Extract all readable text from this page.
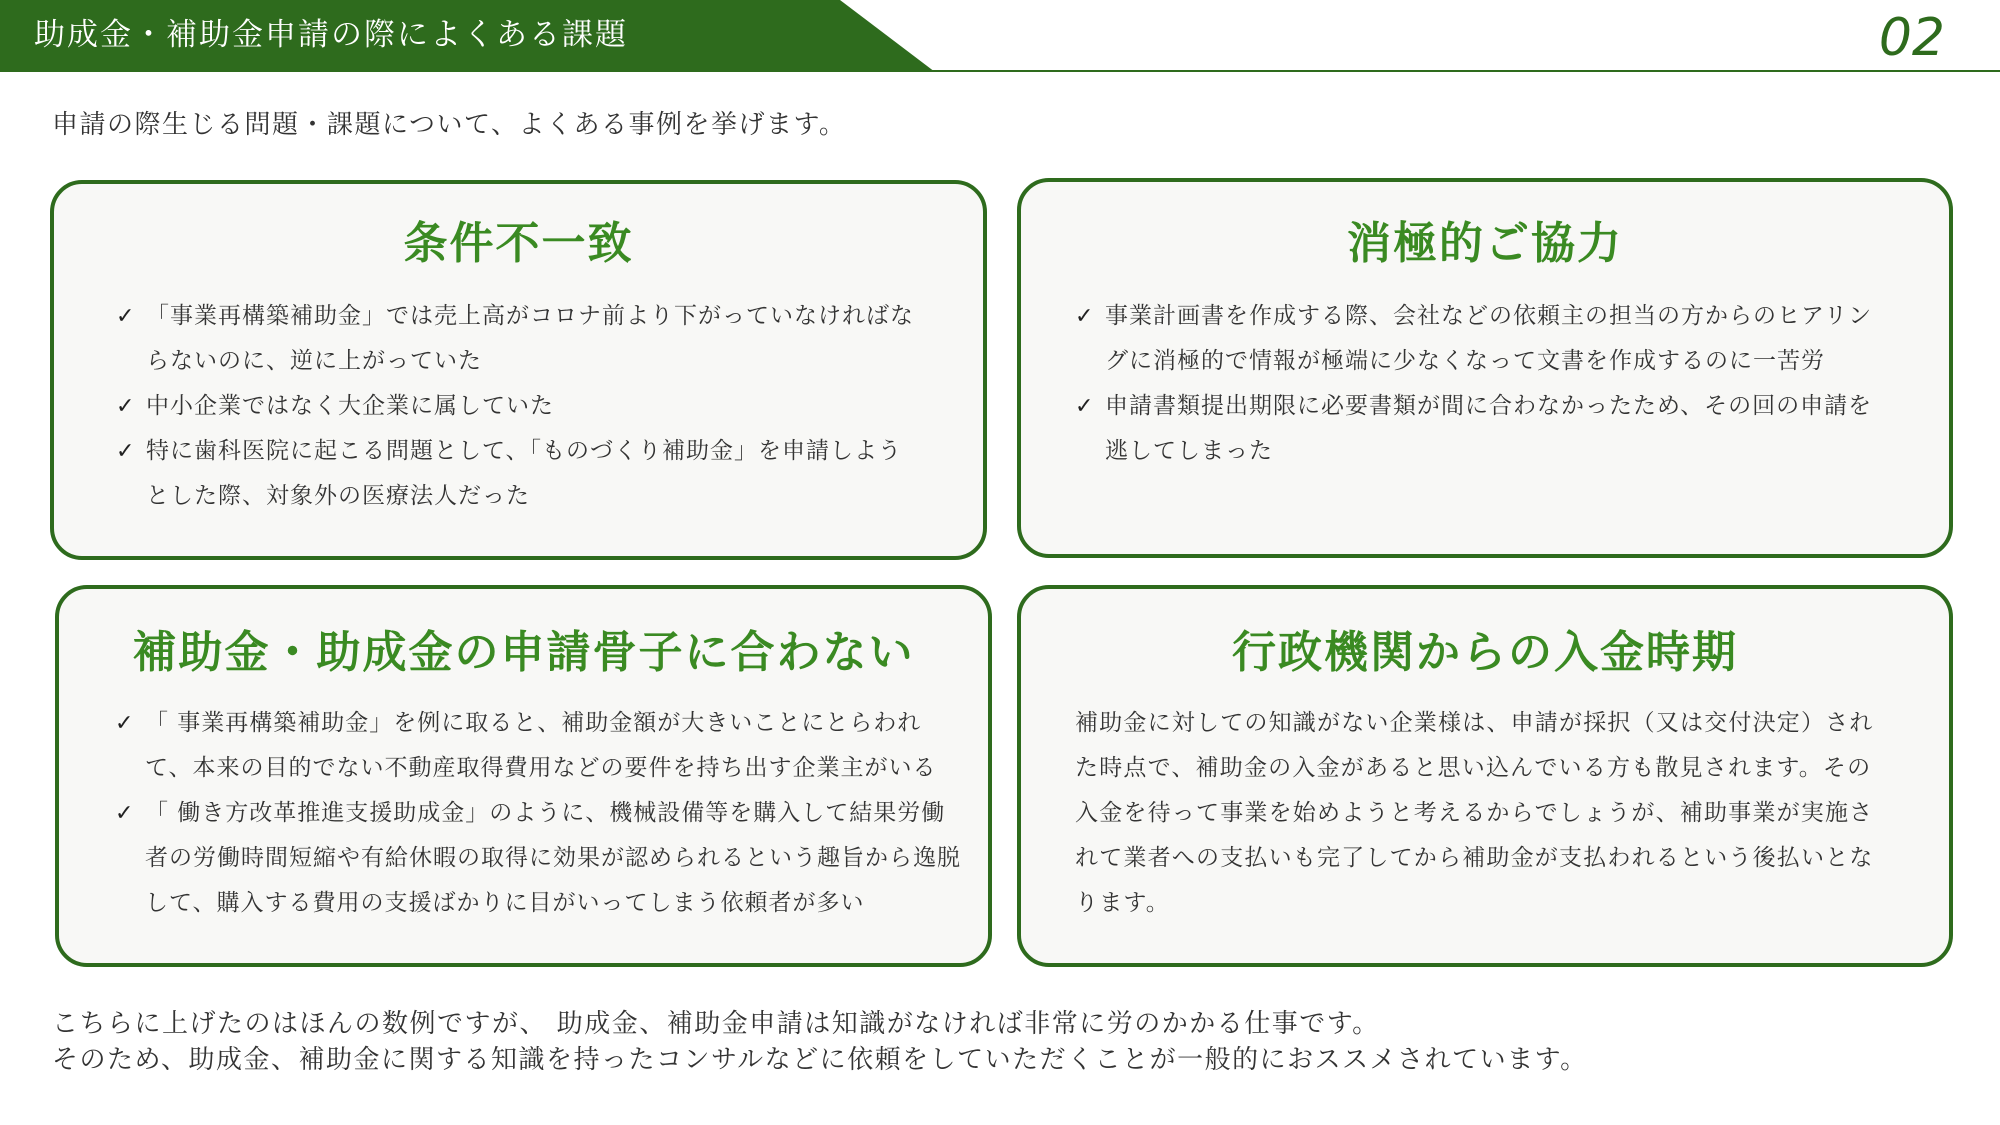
助成金・補助金申請の際によくある課題	02
申請の際生じる問題・課題について、よくある事例を挙げます。
条件不一致
✓ 「事業再構築補助金」では売上高がコロナ前より下がっていなければならないのに、逆に上がっていた
✓ 中小企業ではなく大企業に属していた
✓ 特に歯科医院に起こる問題として、「ものづくり補助金」を申請しようとした際、対象外の医療法人だった
消極的ご協力
✓ 事業計画書を作成する際、会社などの依頼主の担当の方からのヒアリングに消極的で情報が極端に少なくなって文書を作成するのに一苦労
✓ 申請書類提出期限に必要書類が間に合わなかったため、その回の申請を逃してしまった
補助金・助成金の申請骨子に合わない
✓ 「 事業再構築補助金」を例に取ると、補助金額が大きいことにとらわれて、本来の目的でない不動産取得費用などの要件を持ち出す企業主がいる
✓ 「 働き方改革推進支援助成金」のように、機械設備等を購入して結果労働者の労働時間短縮や有給休暇の取得に効果が認められるという趣旨から逸脱して、購入する費用の支援ばかりに目がいってしまう依頼者が多い
行政機関からの入金時期
補助金に対しての知識がない企業様は、申請が採択（又は交付決定）された時点で、補助金の入金があると思い込んでいる方も散見されます。その入金を待って事業を始めようと考えるからでしょうが、補助事業が実施されて業者への支払いも完了してから補助金が支払われるという後払いとなります。
こちらに上げたのはほんの数例ですが、 助成金、補助金申請は知識がなければ非常に労のかかる仕事です。
そのため、助成金、補助金に関する知識を持ったコンサルなどに依頼をしていただくことが一般的におススメされています。
